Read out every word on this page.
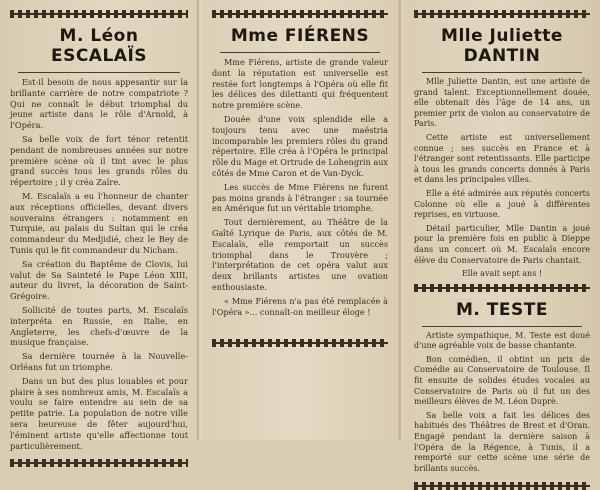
M. Léon ESCALAÏS

Est-il besoin de nous appesantir sur la brillante carrière de notre compatriote ? Qui ne connaît le début triomphal du jeune artiste dans le rôle d'Arnold, à l'Opéra.

Sa belle voix de fort ténor retentit pendant de nombreuses années sur notre première scène où il tint avec le plus grand succès tous les grands rôles du répertoire ; il y créa Zaïre.

M. Escalaïs a eu l'honneur de chanter aux réceptions officielles, devant divers souverains étrangers : notamment en Turquie, au palais du Sultan qui le créa commandeur du Medjidié, chez le Bey de Tunis qui le fit commandeur du Nicham.

Sa création du Baptême de Clovis, lui valut de Sa Sainteté le Pape Léon XIII, auteur du livret, la décoration de Saint-Grégoire.

Sollicité de toutes parts, M. Escalaïs interpréta en Russie, en Italie, en Angleterre, les chefs-d'œuvre de la musique française.

Sa dernière tournée à la Nouvelle-Orléans fut un triomphe.

Dans un but des plus louables et pour plaire à ses nombreux amis, M. Escalaïs a voulu se faire entendre au sein de sa petite patrie. La population de notre ville sera heureuse de fêter aujourd'hui, l'éminent artiste qu'elle affectionne tout particulièrement.

Mme FIÉRENS

Mme Fiérens, artiste de grande valeur dont la réputation est universelle est restée fort longtemps à l'Opéra où elle fit les délices des dilettanti qui fréquentent notre première scène.

Douée d'une voix splendide elle a toujours tenu avec une maëstria incomparable les premiers rôles du grand répertoire. Elle créa à l'Opéra le principal rôle du Mage et Ortrude de Lohengrin aux côtés de Mme Caron et de Van-Dyck.

Les succès de Mme Fiérens ne furent pas moins grands à l'étranger : sa tournée en Amérique fut un véritable triomphe.

Tout dernièrement, au Théâtre de la Gaîté Lyrique de Paris, aux côtés de M. Escalaïs, elle remportait un succès triomphal dans le Trouvère ; l'interprétation de cet opéra valut aux deux brillants artistes une ovation enthousiaste.

« Mme Fiérens n'a pas été remplacée à l'Opéra »... connaît-on meilleur éloge !

Mlle Juliette DANTIN

Mlle Juliette Dantin, est une artiste de grand talent. Exceptionnellement douée, elle obtenait dès l'âge de 14 ans, un premier prix de violon au conservatoire de Paris.

Cette artiste est universellement connue ; ses succès en France et à l'étranger sont retentissants. Elle participe à tous les grands concerts donnés à Paris et dans les principales villes.

Elle a été admirée aux réputés concerts Colonne où elle a joué à différentes reprises, en virtuose.

Détail particulier, Mlle Dantin a joué pour la première fois en public à Dieppe dans un concert où M. Escalaïs encore élève du Conservatoire de Paris chantait.

Elle avait sept ans !

M. TESTE

Artiste sympathique, M. Teste est doué d'une agréable voix de basse chantante.

Bon comédien, il obtint un prix de Comédie au Conservatoire de Toulouse. Il fit ensuite de solides études vocales au Conservatoire de Paris où il fut un des meilleurs élèves de M. Léon Duprè.

Sa belle voix a fait les délices des habitués des Théâtres de Brest et d'Oran. Engagé pendant la dernière saison à l'Opéra de la Régence, à Tunis, il a remporté sur cette scène une série de brillants succès.
